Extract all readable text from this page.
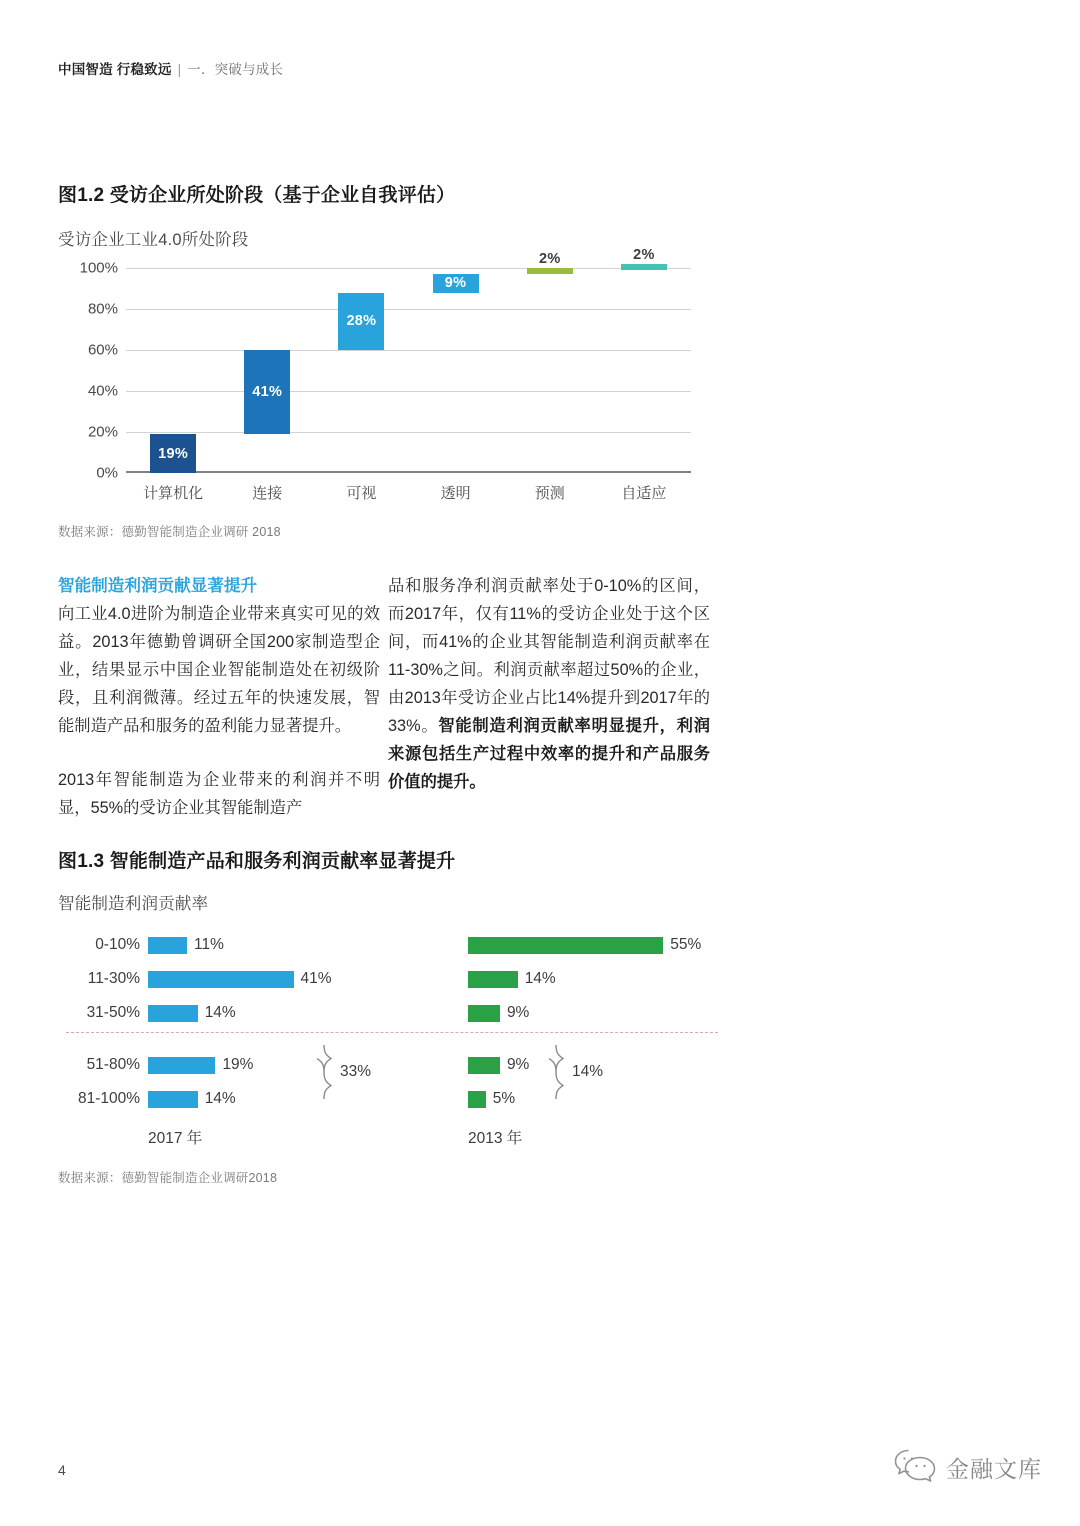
中国智造 行稳致远 | 一．突破与成长
图1.2 受访企业所处阶段（基于企业自我评估）
受访企业工业4.0所处阶段
0%
20%
40%
60%
80%
100%
19%
计算机化
41%
连接
28%
可视
9%
透明
2%
预测
2%
自适应
数据来源：德勤智能制造企业调研 2018

智能制造利润贡献显著提升
向工业4.0进阶为制造企业带来真实可见的效益。2013年德勤曾调研全国200家制造型企业，结果显示中国企业智能制造处在初级阶段，且利润微薄。经过五年的快速发展，智能制造产品和服务的盈利能力显著提升。

2013年智能制造为企业带来的利润并不明显，55%的受访企业其智能制造产

品和服务净利润贡献率处于0-10%的区间，而2017年，仅有11%的受访企业处于这个区间，而41%的企业其智能制造利润贡献率在11-30%之间。利润贡献率超过50%的企业，由2013年受访企业占比14%提升到2017年的33%。智能制造利润贡献率明显提升，利润来源包括生产过程中效率的提升和产品服务价值的提升。

图1.3 智能制造产品和服务利润贡献率显著提升
智能制造利润贡献率
0-10%	11%	55%
11-30%	41%	14%
31-50%	14%	9%
51-80%	19%	9%
81-100%	14%	5%
33%	14%
2017 年	2013 年
数据来源：德勤智能制造企业调研2018
4	金融文库
